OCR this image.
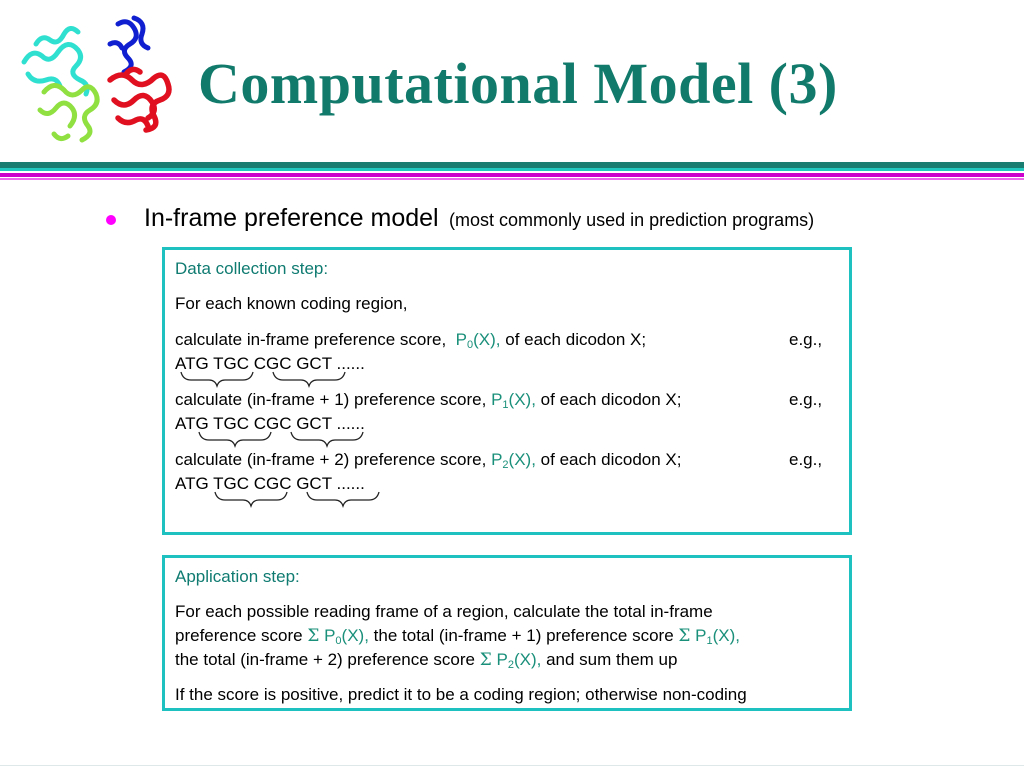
Computational Model (3)
In-frame preference model (most commonly used in prediction programs)
Data collection step:
For each known coding region,
calculate in-frame preference score, $P_0(X)$, of each dicodon X;	e.g.,
ATG TGC CGC GCT ......
calculate (in-frame + 1) preference score, $P_1(X)$, of each dicodon X;	e.g.,
ATG TGC CGC GCT ......
calculate (in-frame + 2) preference score, $P_2(X)$, of each dicodon X;	e.g.,
ATG TGC CGC GCT ......
Application step:
For each possible reading frame of a region, calculate the total in-frame
preference score Σ $P_0(X)$, the total (in-frame + 1) preference score Σ $P_1(X)$,
the total (in-frame + 2) preference score Σ $P_2(X)$, and sum them up
If the score is positive, predict it to be a coding region; otherwise non-coding
